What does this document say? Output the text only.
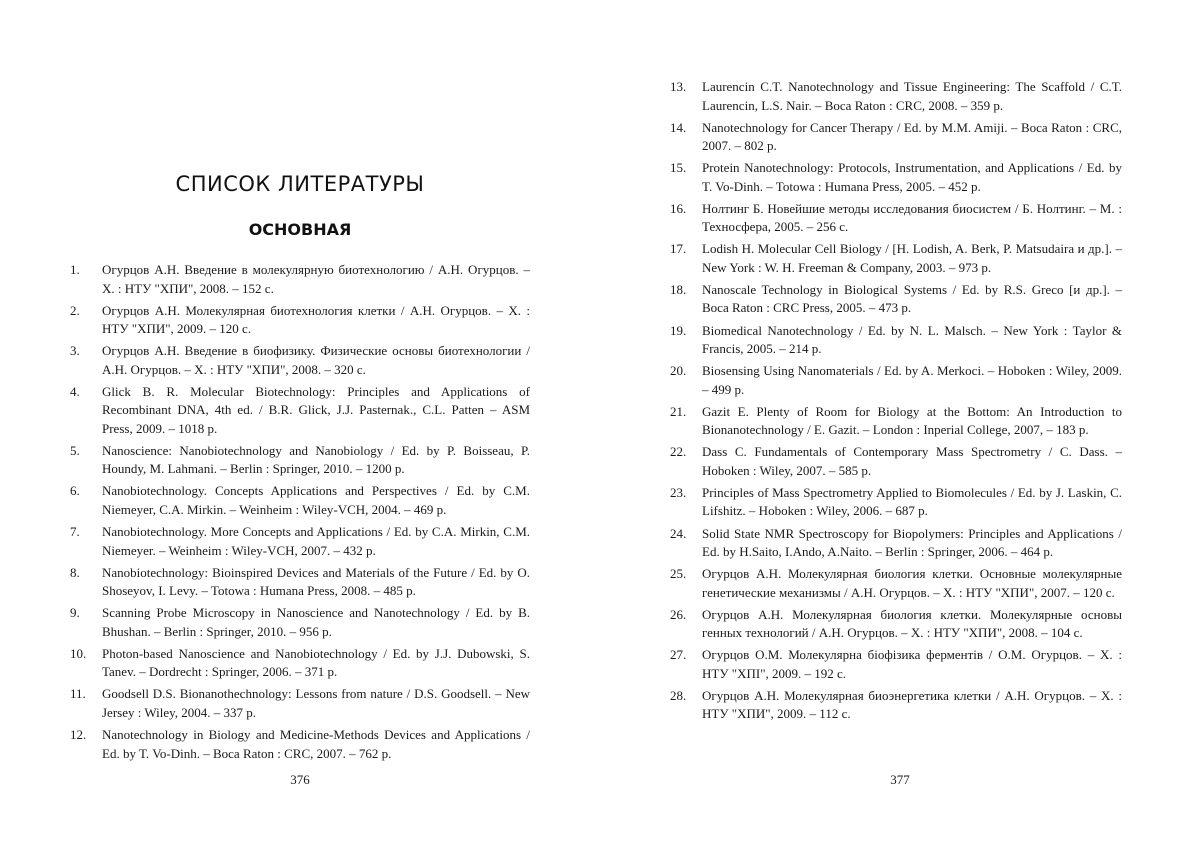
СПИСОК ЛИТЕРАТУРЫ
ОСНОВНАЯ
1. Огурцов А.Н. Введение в молекулярную биотехнологию / А.Н. Огурцов. – Х. : НТУ "ХПИ", 2008. – 152 с.
2. Огурцов А.Н. Молекулярная биотехнология клетки / А.Н. Огурцов. – Х. : НТУ "ХПИ", 2009. – 120 с.
3. Огурцов А.Н. Введение в биофизику. Физические основы биотехнологии / А.Н. Огурцов. – Х. : НТУ "ХПИ", 2008. – 320 с.
4. Glick B. R. Molecular Biotechnology: Principles and Applications of Recombinant DNA, 4th ed. / B.R. Glick, J.J. Pasternak., C.L. Patten – ASM Press, 2009. – 1018 p.
5. Nanoscience: Nanobiotechnology and Nanobiology / Ed. by P. Boisseau, P. Houndy, M. Lahmani. – Berlin : Springer, 2010. – 1200 p.
6. Nanobiotechnology. Concepts Applications and Perspectives / Ed. by C.M. Niemeyer, C.A. Mirkin. – Weinheim : Wiley-VCH, 2004. – 469 p.
7. Nanobiotechnology. More Concepts and Applications / Ed. by C.A. Mirkin, C.M. Niemeyer. – Weinheim : Wiley-VCH, 2007. – 432 p.
8. Nanobiotechnology: Bioinspired Devices and Materials of the Future / Ed. by O. Shoseyov, I. Levy. – Totowa : Humana Press, 2008. – 485 p.
9. Scanning Probe Microscopy in Nanoscience and Nanotechnology / Ed. by B. Bhushan. – Berlin : Springer, 2010. – 956 p.
10. Photon-based Nanoscience and Nanobiotechnology / Ed. by J.J. Dubowski, S. Tanev. – Dordrecht : Springer, 2006. – 371 p.
11. Goodsell D.S. Bionanothechnology: Lessons from nature / D.S. Goodsell. – New Jersey : Wiley, 2004. – 337 p.
12. Nanotechnology in Biology and Medicine-Methods Devices and Applications / Ed. by T. Vo-Dinh. – Boca Raton : CRC, 2007. – 762 p.
376
13. Laurencin C.T. Nanotechnology and Tissue Engineering: The Scaffold / C.T. Laurencin, L.S. Nair. – Boca Raton : CRC, 2008. – 359 p.
14. Nanotechnology for Cancer Therapy / Ed. by M.M. Amiji. – Boca Raton : CRC, 2007. – 802 p.
15. Protein Nanotechnology: Protocols, Instrumentation, and Applications / Ed. by T. Vo-Dinh. – Totowa : Humana Press, 2005. – 452 p.
16. Нолтинг Б. Новейшие методы исследования биосистем / Б. Нолтинг. – М. : Техносфера, 2005. – 256 с.
17. Lodish H. Molecular Cell Biology / [H. Lodish, A. Berk, P. Matsudaira и др.]. – New York : W. H. Freeman & Company, 2003. – 973 p.
18. Nanoscale Technology in Biological Systems / Ed. by R.S. Greco [и др.]. – Boca Raton : CRC Press, 2005. – 473 p.
19. Biomedical Nanotechnology / Ed. by N. L. Malsch. – New York : Taylor & Francis, 2005. – 214 p.
20. Biosensing Using Nanomaterials / Ed. by A. Merkoci. – Hoboken : Wiley, 2009. – 499 p.
21. Gazit E. Plenty of Room for Biology at the Bottom: An Introduction to Bionanotechnology / E. Gazit. – London : Inperial College, 2007, – 183 p.
22. Dass C. Fundamentals of Contemporary Mass Spectrometry / C. Dass. – Hoboken : Wiley, 2007. – 585 p.
23. Principles of Mass Spectrometry Applied to Biomolecules / Ed. by J. Laskin, C. Lifshitz. – Hoboken : Wiley, 2006. – 687 p.
24. Solid State NMR Spectroscopy for Biopolymers: Principles and Applications / Ed. by H.Saito, I.Ando, A.Naito. – Berlin : Springer, 2006. – 464 p.
25. Огурцов А.Н. Молекулярная биология клетки. Основные молекулярные генетические механизмы / А.Н. Огурцов. – Х. : НТУ "ХПИ", 2007. – 120 с.
26. Огурцов А.Н. Молекулярная биология клетки. Молекулярные основы генных технологий / А.Н. Огурцов. – Х. : НТУ "ХПИ", 2008. – 104 с.
27. Огурцов О.М. Молекулярна біофізика ферментів / О.М. Огурцов. – Х. : НТУ "ХПІ", 2009. – 192 с.
28. Огурцов А.Н. Молекулярная биоэнергетика клетки / А.Н. Огурцов. – Х. : НТУ "ХПИ", 2009. – 112 с.
377
